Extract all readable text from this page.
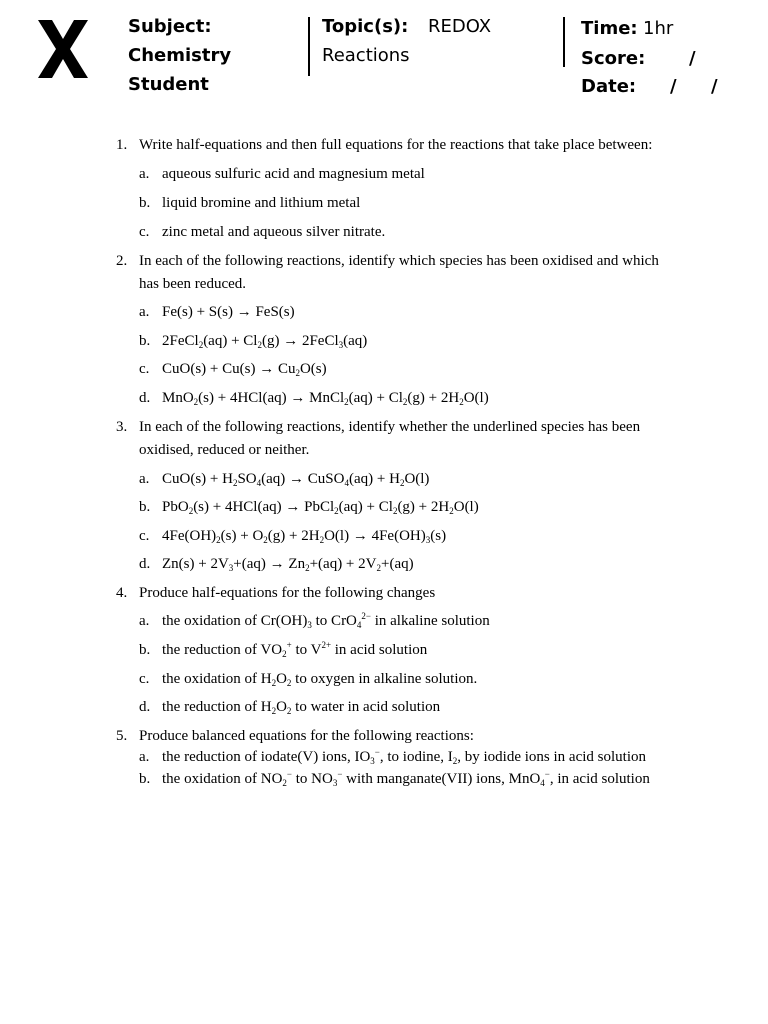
Subject:
Chemistry
Student
Topic(s): REDOX
Reactions
Time: 1hr
Score: /
Date: / /
1. Write half-equations and then full equations for the reactions that take place between:
a. aqueous sulfuric acid and magnesium metal
b. liquid bromine and lithium metal
c. zinc metal and aqueous silver nitrate.
2. In each of the following reactions, identify which species has been oxidised and which
has been reduced.
a. Fe(s) + S(s) → FeS(s)
b. 2FeCl$_2$(aq) + $Cl_2(g)$ → 2FeCl$_3$(aq)
c. $CuO(s) + Cu(s) \to Cu_2O(s)$
d. MnO$_2$(s) + 4HCl(aq) → MnCl$_2$(aq) + $Cl_2(g) + 2H_2O(l)$
3. In each of the following reactions, identify whether the underlined species has been
oxidised, reduced or neither.
a. $CuO(s) + H_2SO_4(aq)$ → CuSO$_4$(aq) + $H_2O(l)$
b. PbO$_2$(s) + 4HCl(aq) → PbCl$_2$(aq) + $Cl_2(g) + 2H_2O(l)$
c. $4Fe(OH)_2(s) + O_2(g) + 2H_2O(l) \to 4Fe(OH)_3(s)$
d. $Zn(s) + 2V_3+(aq) \to Zn_2+(aq) + 2V_2+(aq)$
4. Produce half-equations for the following changes
a. the oxidation of $Cr(OH)_3$ to CrO$_4^{2-}$ in alkaline solution
b. the reduction of $VO_2^+$ to $V^{2+}$ in acid solution
c. the oxidation of $H_2O_2$ to oxygen in alkaline solution.
d. the reduction of $H_2O_2$ to water in acid solution
5. Produce balanced equations for the following reactions:
a. the reduction of iodate(V) ions, $IO_3^-$, to iodine, $I_2$, by iodide ions in acid solution
b. the oxidation of $NO_2^-$ to $NO_3^-$ with manganate(VII) ions, MnO$_4$−, in acid solution
